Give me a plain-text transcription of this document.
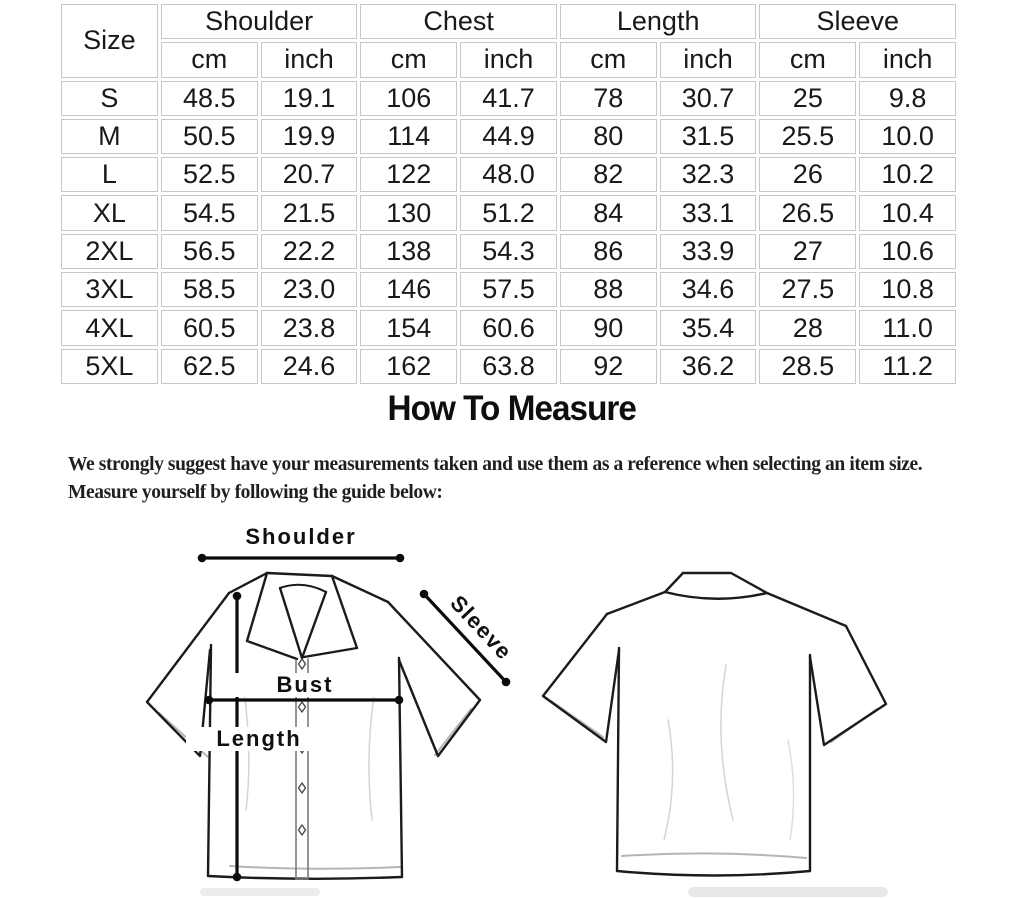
Size	Shoulder		Chest		Length		Sleeve	
	cm	inch	cm	inch	cm	inch	cm	inch
S	48.5	19.1	106	41.7	78	30.7	25	9.8
M	50.5	19.9	114	44.9	80	31.5	25.5	10.0
L	52.5	20.7	122	48.0	82	32.3	26	10.2
XL	54.5	21.5	130	51.2	84	33.1	26.5	10.4
2XL	56.5	22.2	138	54.3	86	33.9	27	10.6
3XL	58.5	23.0	146	57.5	88	34.6	27.5	10.8
4XL	60.5	23.8	154	60.6	90	35.4	28	11.0
5XL	62.5	24.6	162	63.8	92	36.2	28.5	11.2
How To Measure
We strongly suggest have your measurements taken and use them as a reference when selecting an item size.
Measure yourself by following the guide below:
Shoulder
Sleeve
Bust
Length
